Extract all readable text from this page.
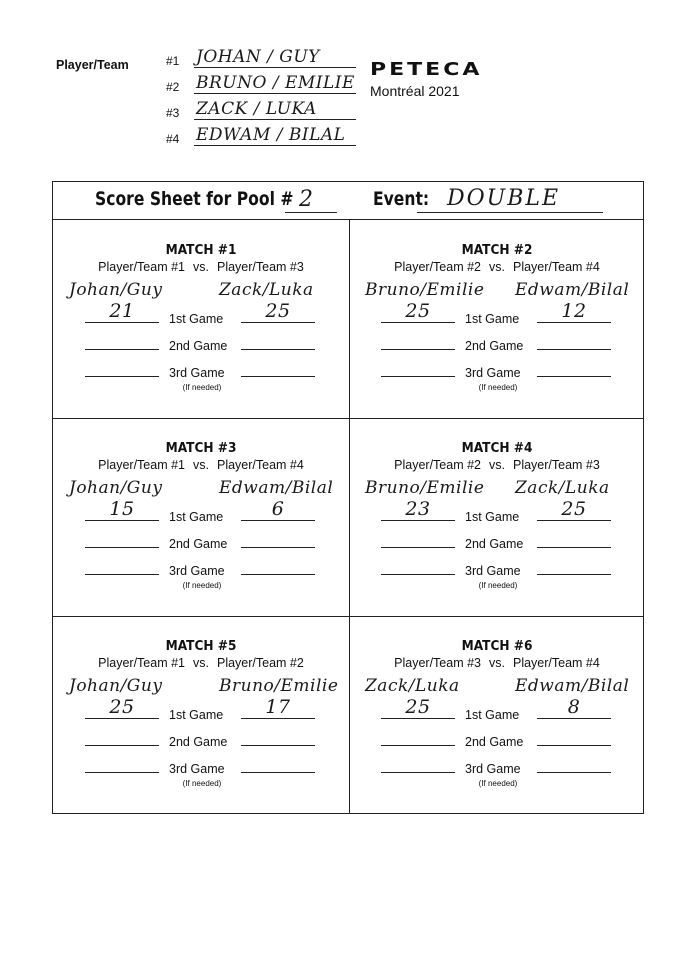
Player/Team	#1 JOHAN / GUY
#2 BRUNO / EMILIE
#3 ZACK / LUKA
#4 EDWAM / BILAL
PETECA
Montréal 2021
Score Sheet for Pool # 2	Event: DOUBLE
MATCH #1
Player/Team #1 vs. Player/Team #3
Johan/Guy	Zack/Luka
21	1st Game	25
2nd Game
3rd Game
(If needed)
MATCH #2
Player/Team #2 vs. Player/Team #4
Bruno/Emilie Edwam/Bilal
25	1st Game	12
2nd Game
3rd Game
(If needed)
MATCH #3
Player/Team #1 vs. Player/Team #4
Johan/Guy	Edwam/Bilal
15	1st Game	6
2nd Game
3rd Game
(If needed)
MATCH #4
Player/Team #2 vs. Player/Team #3
Bruno/Emilie Zack/Luka
23	1st Game	25
2nd Game
3rd Game
(If needed)
MATCH #5
Player/Team #1 vs. Player/Team #2
Johan/Guy	Bruno/Emilie
25	1st Game	17
2nd Game
3rd Game
(If needed)
MATCH #6
Player/Team #3 vs. Player/Team #4
Zack/Luka	Edwam/Bilal
25	1st Game	8
2nd Game
3rd Game
(If needed)
